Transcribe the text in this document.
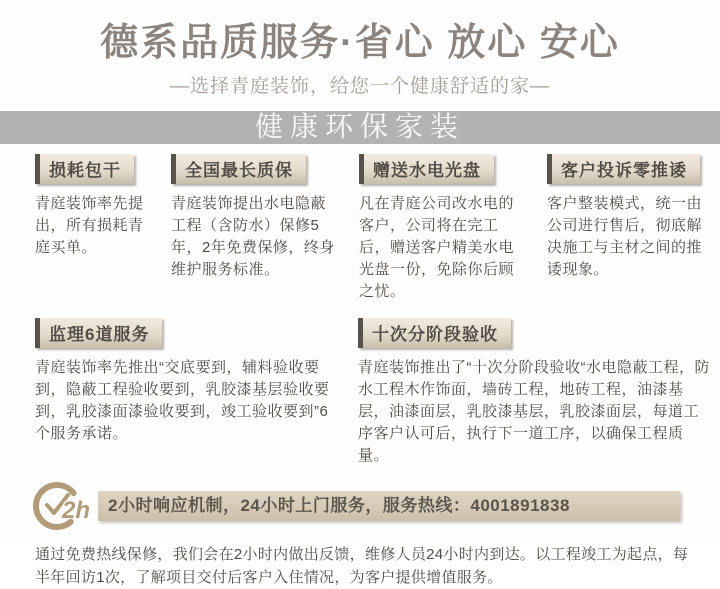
德系品质服务·省心 放心 安心
—选择青庭装饰，给您一个健康舒适的家—
健康环保家装
损耗包干

青庭装饰率先提出，所有损耗青庭买单。

全国最长质保

青庭装饰提出水电隐蔽工程（含防水）保修5年，2年免费保修，终身维护服务标准。

赠送水电光盘

凡在青庭公司改水电的客户，公司将在完工后，赠送客户精美水电光盘一份，免除你后顾之忧。

客户投诉零推诿

客户整装模式，统一由公司进行售后，彻底解决施工与主材之间的推诿现象。

监理6道服务

青庭装饰率先推出“交底要到，辅料验收要到，隐蔽工程验收要到，乳胶漆基层验收要到，乳胶漆面漆验收要到，竣工验收要到”6个服务承诺。

十次分阶段验收

青庭装饰推出了“十次分阶段验收“水电隐蔽工程，防水工程木作饰面，墙砖工程，地砖工程，油漆基层，油漆面层，乳胶漆基层，乳胶漆面层，每道工序客户认可后，执行下一道工序，以确保工程质量。

2h	2小时响应机制，24小时上门服务，服务热线：4001891838

通过免费热线保修，我们会在2小时内做出反馈，维修人员24小时内到达。以工程竣工为起点，每半年回访1次，了解项目交付后客户入住情况，为客户提供增值服务。
